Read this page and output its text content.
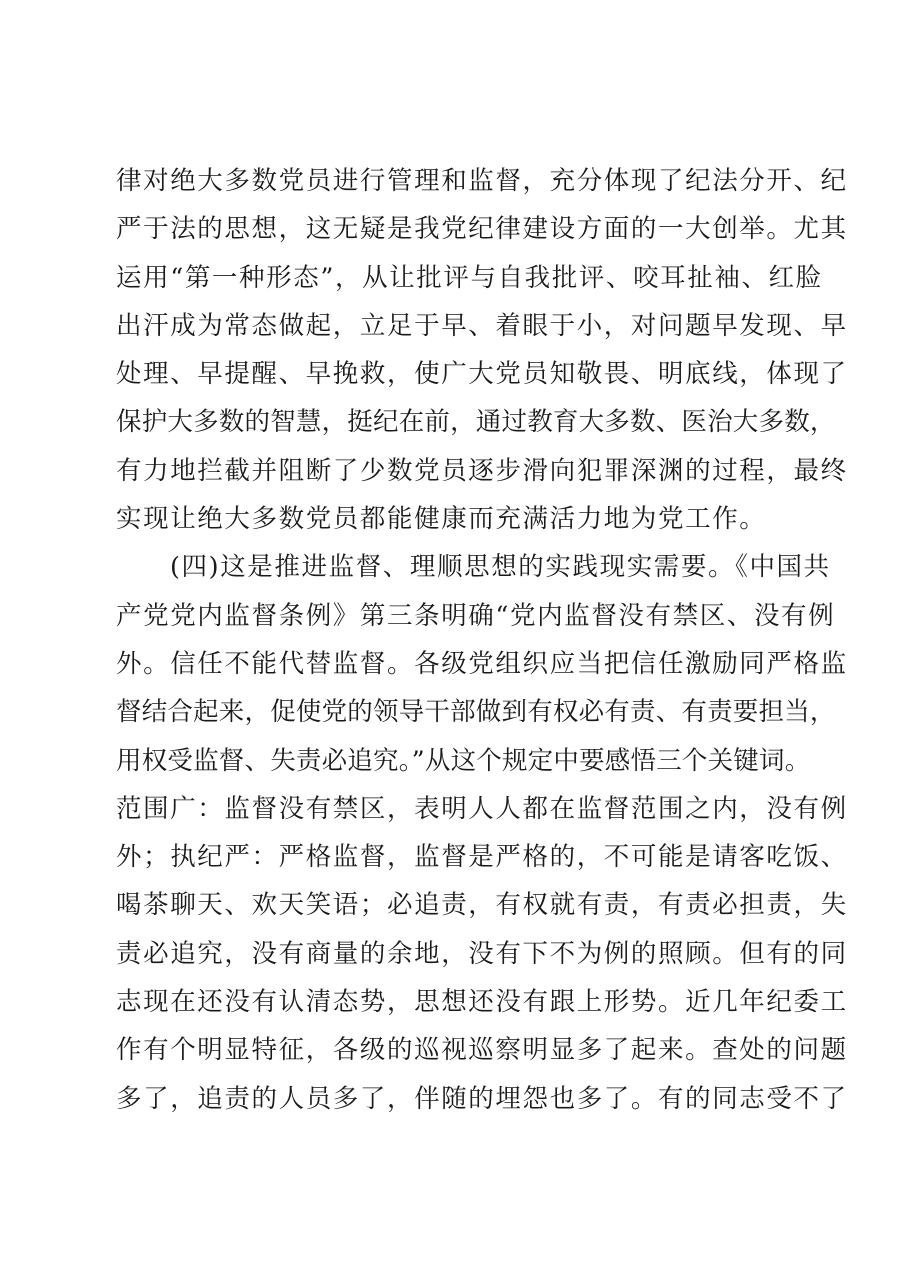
律对绝大多数党员进行管理和监督，充分体现了纪法分开、纪
严于法的思想，这无疑是我党纪律建设方面的一大创举。尤其
运用“第一种形态”，从让批评与自我批评、咬耳扯袖、红脸
出汗成为常态做起，立足于早、着眼于小，对问题早发现、早
处理、早提醒、早挽救，使广大党员知敬畏、明底线，体现了
保护大多数的智慧，挺纪在前，通过教育大多数、医治大多数，
有力地拦截并阻断了少数党员逐步滑向犯罪深渊的过程，最终
实现让绝大多数党员都能健康而充满活力地为党工作。
(四)这是推进监督、理顺思想的实践现实需要。《中国共
产党党内监督条例》第三条明确“党内监督没有禁区、没有例
外。信任不能代替监督。各级党组织应当把信任激励同严格监
督结合起来，促使党的领导干部做到有权必有责、有责要担当，
用权受监督、失责必追究。”从这个规定中要感悟三个关键词。
范围广：监督没有禁区，表明人人都在监督范围之内，没有例
外；执纪严：严格监督，监督是严格的，不可能是请客吃饭、
喝茶聊天、欢天笑语；必追责，有权就有责，有责必担责，失
责必追究，没有商量的余地，没有下不为例的照顾。但有的同
志现在还没有认清态势，思想还没有跟上形势。近几年纪委工
作有个明显特征，各级的巡视巡察明显多了起来。查处的问题
多了，追责的人员多了，伴随的埋怨也多了。有的同志受不了
